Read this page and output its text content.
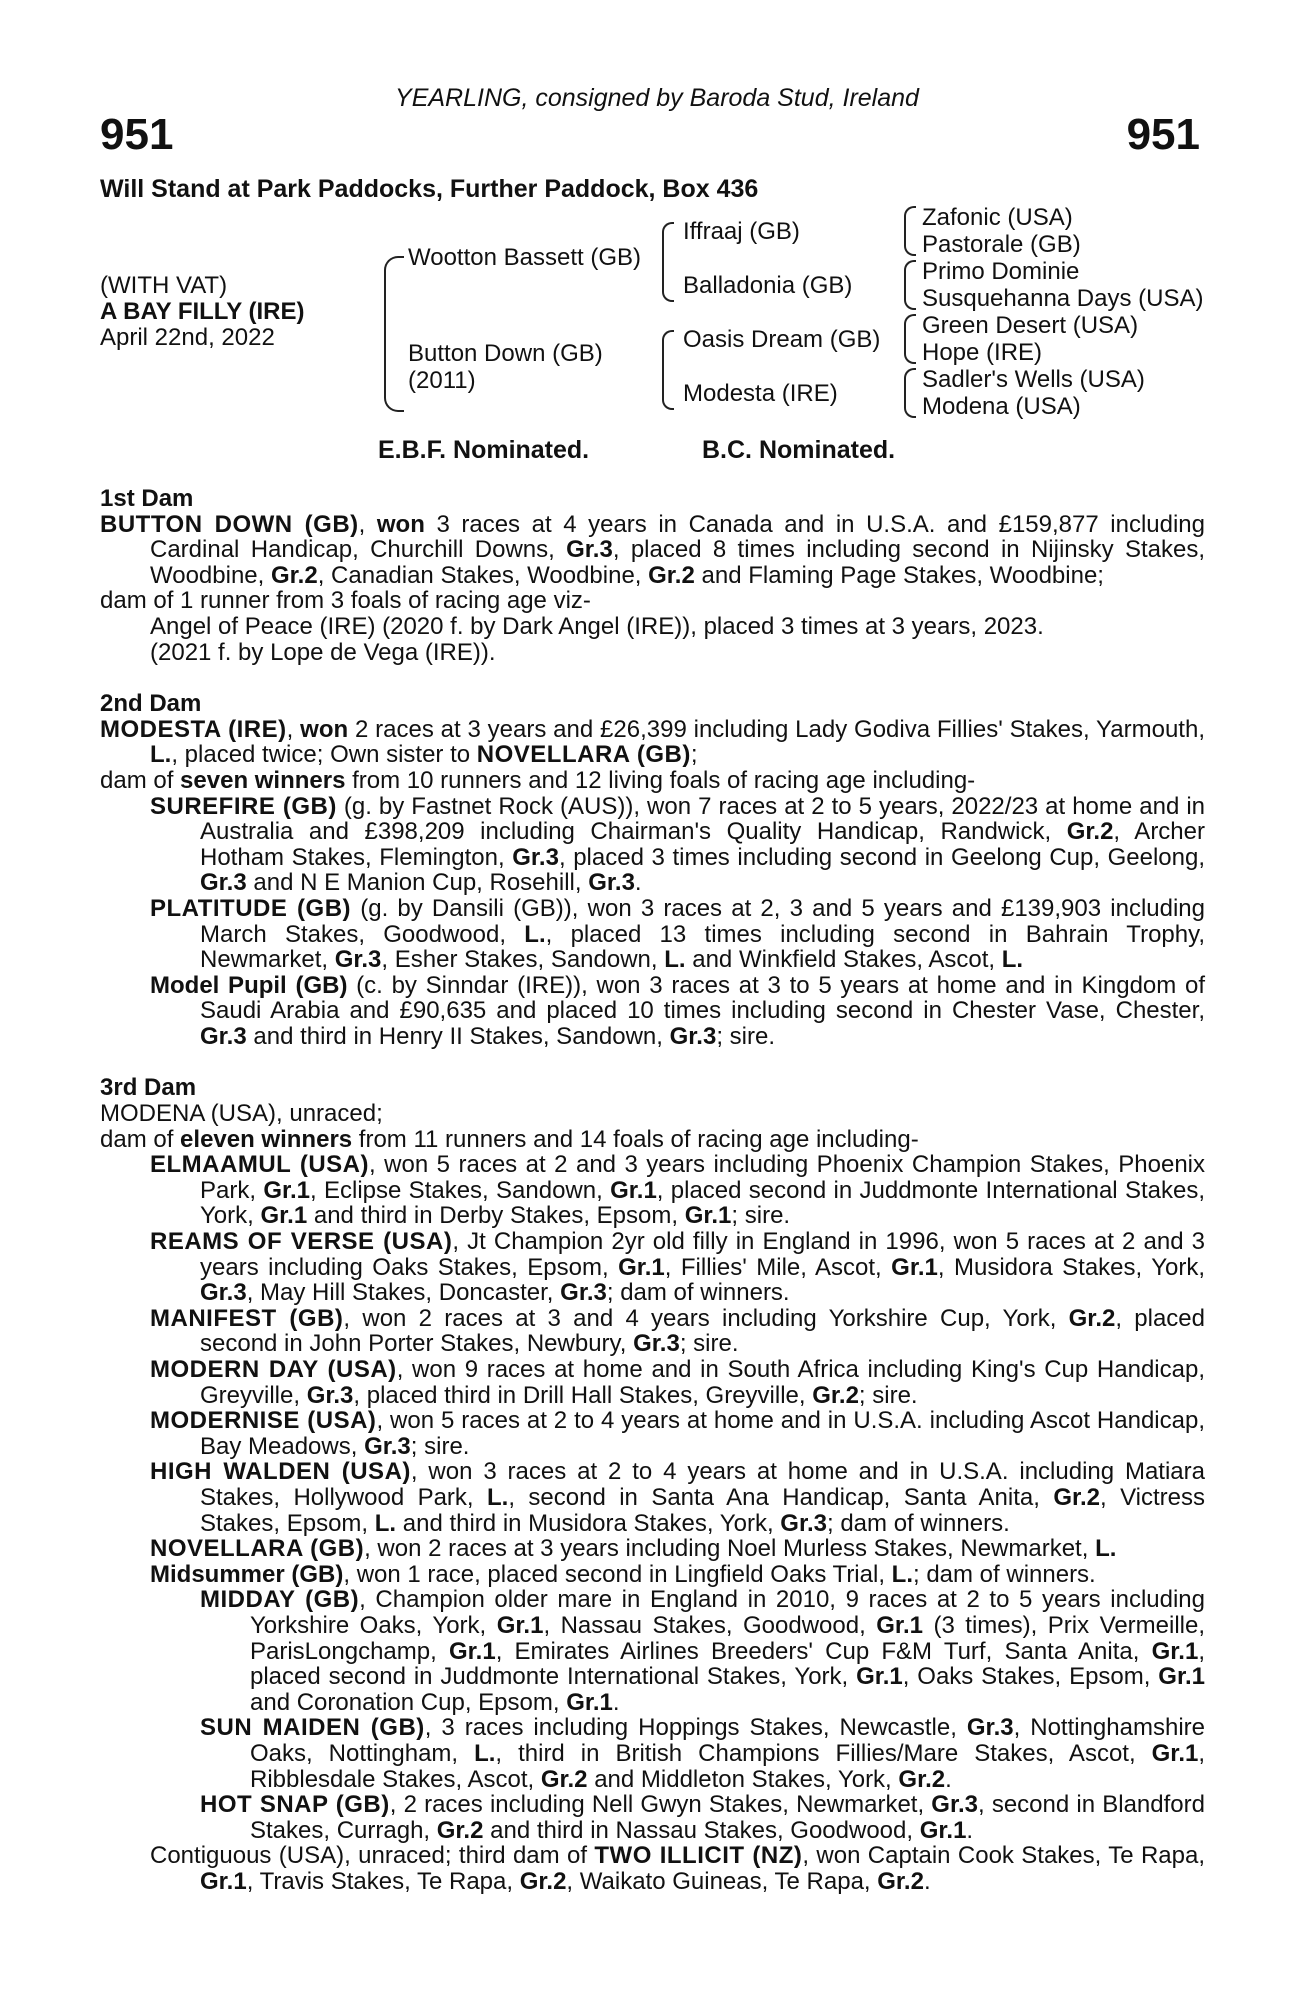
YEARLING, consigned by Baroda Stud, Ireland
951	951
Will Stand at Park Paddocks, Further Paddock, Box 436
(WITH VAT)
A BAY FILLY (IRE)
April 22nd, 2022
Wootton Bassett (GB)
Button Down (GB)
(2011)
Iffraaj (GB)
Balladonia (GB)
Oasis Dream (GB)
Modesta (IRE)
Zafonic (USA)
Pastorale (GB)
Primo Dominie
Susquehanna Days (USA)
Green Desert (USA)
Hope (IRE)
Sadler's Wells (USA)
Modena (USA)
E.B.F. Nominated.	B.C. Nominated.
1st Dam

BUTTON DOWN (GB), won 3 races at 4 years in Canada and in U.S.A. and £159,877 including Cardinal Handicap, Churchill Downs, Gr.3, placed 8 times including second in Nijinsky Stakes, Woodbine, Gr.2, Canadian Stakes, Woodbine, Gr.2 and Flaming Page Stakes, Woodbine;

dam of 1 runner from 3 foals of racing age viz-

Angel of Peace (IRE) (2020 f. by Dark Angel (IRE)), placed 3 times at 3 years, 2023.

(2021 f. by Lope de Vega (IRE)).

2nd Dam

MODESTA (IRE), won 2 races at 3 years and £26,399 including Lady Godiva Fillies' Stakes, Yarmouth, L., placed twice; Own sister to NOVELLARA (GB);

dam of seven winners from 10 runners and 12 living foals of racing age including-

SUREFIRE (GB) (g. by Fastnet Rock (AUS)), won 7 races at 2 to 5 years, 2022/23 at home and in Australia and £398,209 including Chairman's Quality Handicap, Randwick, Gr.2, Archer Hotham Stakes, Flemington, Gr.3, placed 3 times including second in Geelong Cup, Geelong, Gr.3 and N E Manion Cup, Rosehill, Gr.3.

PLATITUDE (GB) (g. by Dansili (GB)), won 3 races at 2, 3 and 5 years and £139,903 including March Stakes, Goodwood, L., placed 13 times including second in Bahrain Trophy, Newmarket, Gr.3, Esher Stakes, Sandown, L. and Winkfield Stakes, Ascot, L.

Model Pupil (GB) (c. by Sinndar (IRE)), won 3 races at 3 to 5 years at home and in Kingdom of Saudi Arabia and £90,635 and placed 10 times including second in Chester Vase, Chester, Gr.3 and third in Henry II Stakes, Sandown, Gr.3; sire.

3rd Dam

MODENA (USA), unraced;

dam of eleven winners from 11 runners and 14 foals of racing age including-

ELMAAMUL (USA), won 5 races at 2 and 3 years including Phoenix Champion Stakes, Phoenix Park, Gr.1, Eclipse Stakes, Sandown, Gr.1, placed second in Juddmonte International Stakes, York, Gr.1 and third in Derby Stakes, Epsom, Gr.1; sire.

REAMS OF VERSE (USA), Jt Champion 2yr old filly in England in 1996, won 5 races at 2 and 3 years including Oaks Stakes, Epsom, Gr.1, Fillies' Mile, Ascot, Gr.1, Musidora Stakes, York, Gr.3, May Hill Stakes, Doncaster, Gr.3; dam of winners.

MANIFEST (GB), won 2 races at 3 and 4 years including Yorkshire Cup, York, Gr.2, placed second in John Porter Stakes, Newbury, Gr.3; sire.

MODERN DAY (USA), won 9 races at home and in South Africa including King's Cup Handicap, Greyville, Gr.3, placed third in Drill Hall Stakes, Greyville, Gr.2; sire.

MODERNISE (USA), won 5 races at 2 to 4 years at home and in U.S.A. including Ascot Handicap, Bay Meadows, Gr.3; sire.

HIGH WALDEN (USA), won 3 races at 2 to 4 years at home and in U.S.A. including Matiara Stakes, Hollywood Park, L., second in Santa Ana Handicap, Santa Anita, Gr.2, Victress Stakes, Epsom, L. and third in Musidora Stakes, York, Gr.3; dam of winners.

NOVELLARA (GB), won 2 races at 3 years including Noel Murless Stakes, Newmarket, L.

Midsummer (GB), won 1 race, placed second in Lingfield Oaks Trial, L.; dam of winners.

MIDDAY (GB), Champion older mare in England in 2010, 9 races at 2 to 5 years including Yorkshire Oaks, York, Gr.1, Nassau Stakes, Goodwood, Gr.1 (3 times), Prix Vermeille, ParisLongchamp, Gr.1, Emirates Airlines Breeders' Cup F&M Turf, Santa Anita, Gr.1, placed second in Juddmonte International Stakes, York, Gr.1, Oaks Stakes, Epsom, Gr.1 and Coronation Cup, Epsom, Gr.1.

SUN MAIDEN (GB), 3 races including Hoppings Stakes, Newcastle, Gr.3, Nottinghamshire Oaks, Nottingham, L., third in British Champions Fillies/Mare Stakes, Ascot, Gr.1, Ribblesdale Stakes, Ascot, Gr.2 and Middleton Stakes, York, Gr.2.

HOT SNAP (GB), 2 races including Nell Gwyn Stakes, Newmarket, Gr.3, second in Blandford Stakes, Curragh, Gr.2 and third in Nassau Stakes, Goodwood, Gr.1.

Contiguous (USA), unraced; third dam of TWO ILLICIT (NZ), won Captain Cook Stakes, Te Rapa, Gr.1, Travis Stakes, Te Rapa, Gr.2, Waikato Guineas, Te Rapa, Gr.2.
